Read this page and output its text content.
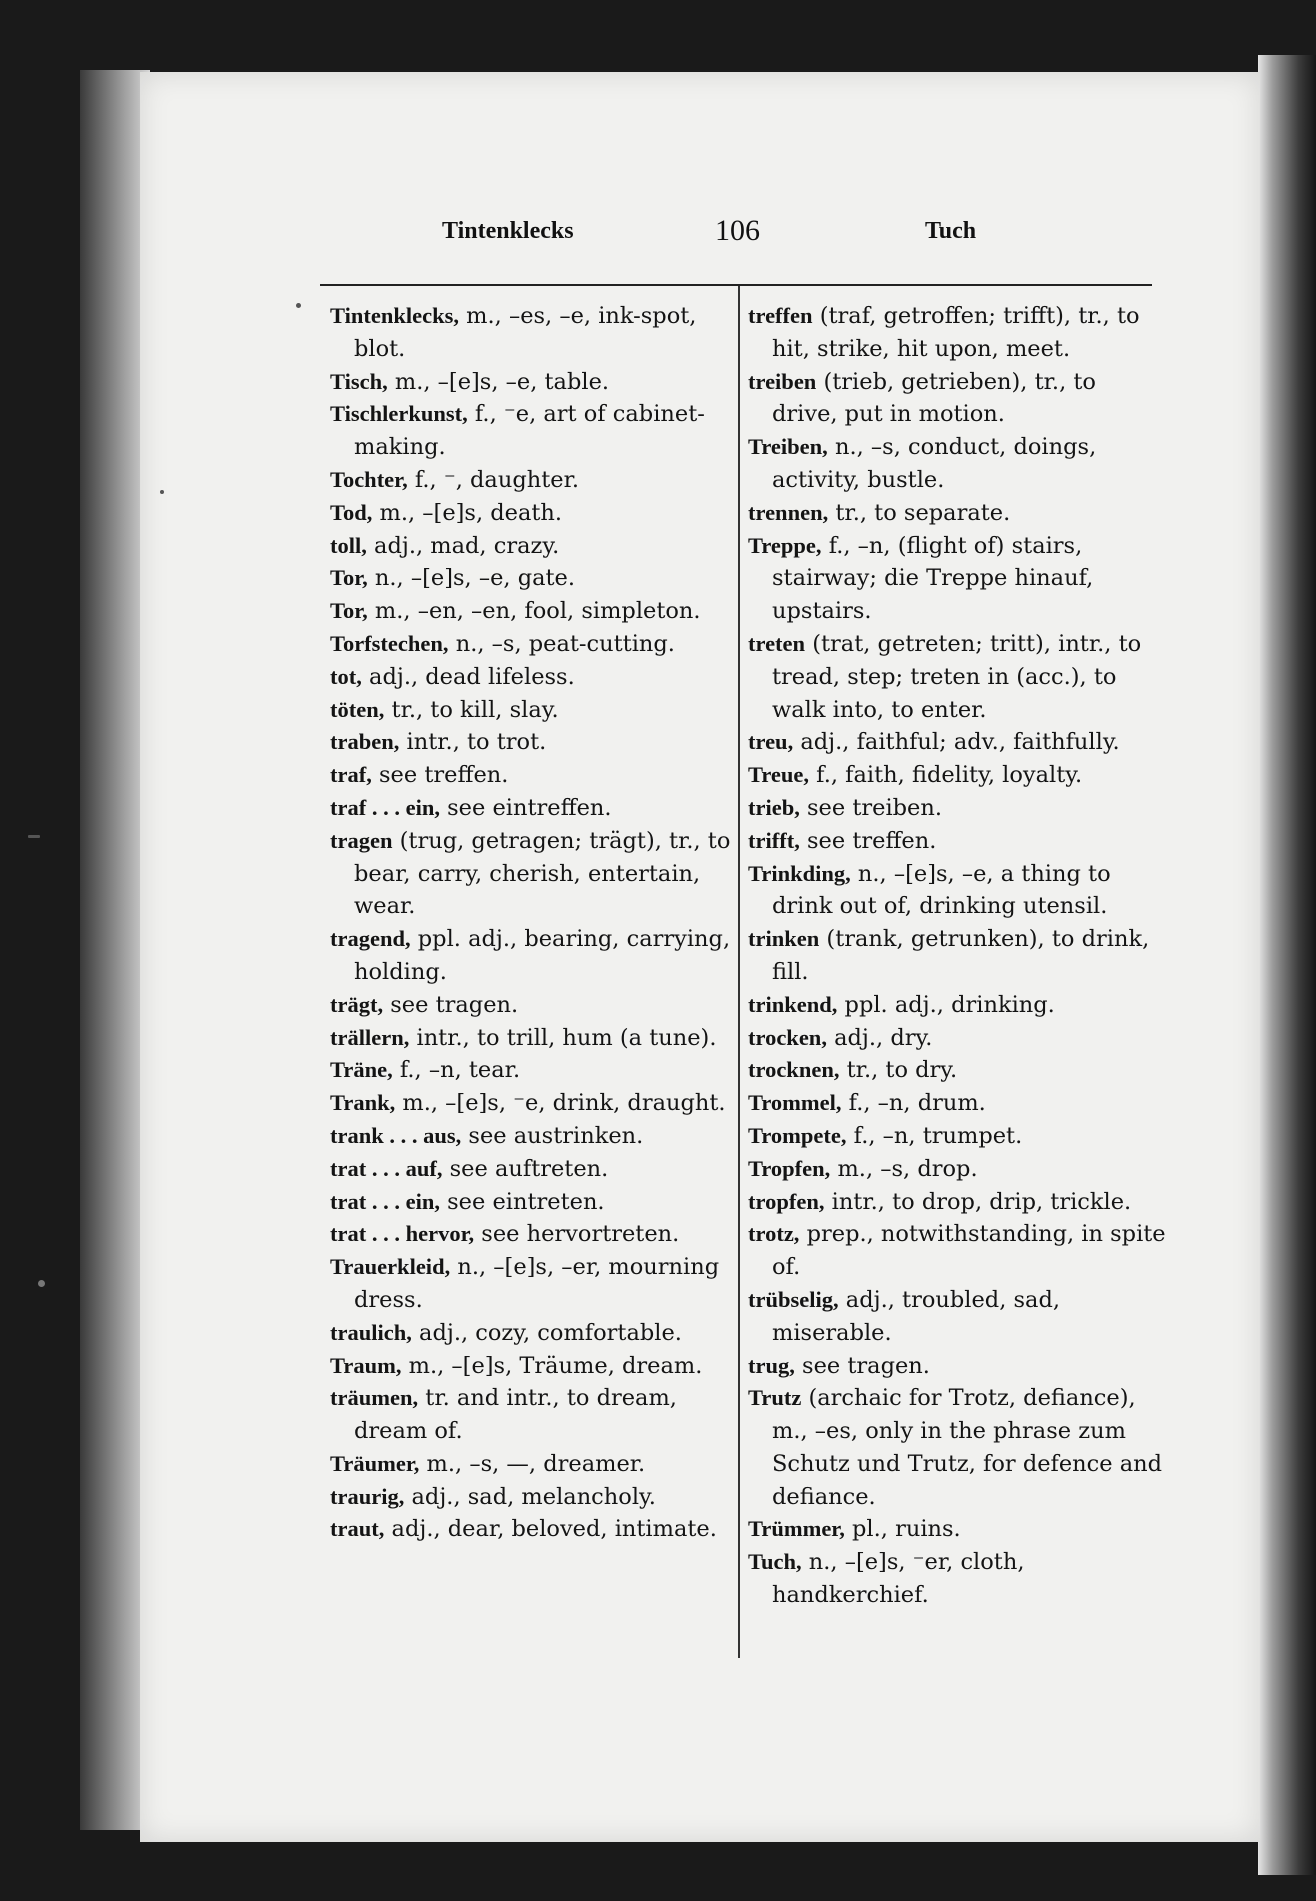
Tintenklecks	106	Tuch

Tintenklecks, m., –es, –e, ink-spot, blot.

Tisch, m., –[e]s, –e, table.

Tischlerkunst, f., ⁻e, art of cabinet-making.

Tochter, f., ⁻, daughter.

Tod, m., –[e]s, death.

toll, adj., mad, crazy.

Tor, n., –[e]s, –e, gate.

Tor, m., –en, –en, fool, simpleton.

Torfstechen, n., –s, peat-cutting.

tot, adj., dead lifeless.

töten, tr., to kill, slay.

traben, intr., to trot.

traf, see treffen.

traf . . . ein, see eintreffen.

tragen (trug, getragen; trägt), tr., to bear, carry, cherish, entertain, wear.

tragend, ppl. adj., bearing, carrying, holding.

trägt, see tragen.

trällern, intr., to trill, hum (a tune).

Träne, f., –n, tear.

Trank, m., –[e]s, ⁻e, drink, draught.

trank . . . aus, see austrinken.

trat . . . auf, see auftreten.

trat . . . ein, see eintreten.

trat . . . hervor, see hervortreten.

Trauerkleid, n., –[e]s, –er, mourning dress.

traulich, adj., cozy, comfortable.

Traum, m., –[e]s, Träume, dream.

träumen, tr. and intr., to dream, dream of.

Träumer, m., –s, —, dreamer.

traurig, adj., sad, melancholy.

traut, adj., dear, beloved, intimate.

treffen (traf, getroffen; trifft), tr., to hit, strike, hit upon, meet.

treiben (trieb, getrieben), tr., to drive, put in motion.

Treiben, n., –s, conduct, doings, activity, bustle.

trennen, tr., to separate.

Treppe, f., –n, (flight of) stairs, stairway; die Treppe hinauf, upstairs.

treten (trat, getreten; tritt), intr., to tread, step; treten in (acc.), to walk into, to enter.

treu, adj., faithful; adv., faithfully.

Treue, f., faith, fidelity, loyalty.

trieb, see treiben.

trifft, see treffen.

Trinkding, n., –[e]s, –e, a thing to drink out of, drinking utensil.

trinken (trank, getrunken), to drink, fill.

trinkend, ppl. adj., drinking.

trocken, adj., dry.

trocknen, tr., to dry.

Trommel, f., –n, drum.

Trompete, f., –n, trumpet.

Tropfen, m., –s, drop.

tropfen, intr., to drop, drip, trickle.

trotz, prep., notwithstanding, in spite of.

trübselig, adj., troubled, sad, miserable.

trug, see tragen.

Trutz (archaic for Trotz, defiance), m., –es, only in the phrase zum Schutz und Trutz, for defence and defiance.

Trümmer, pl., ruins.

Tuch, n., –[e]s, ⁻er, cloth, handkerchief.
